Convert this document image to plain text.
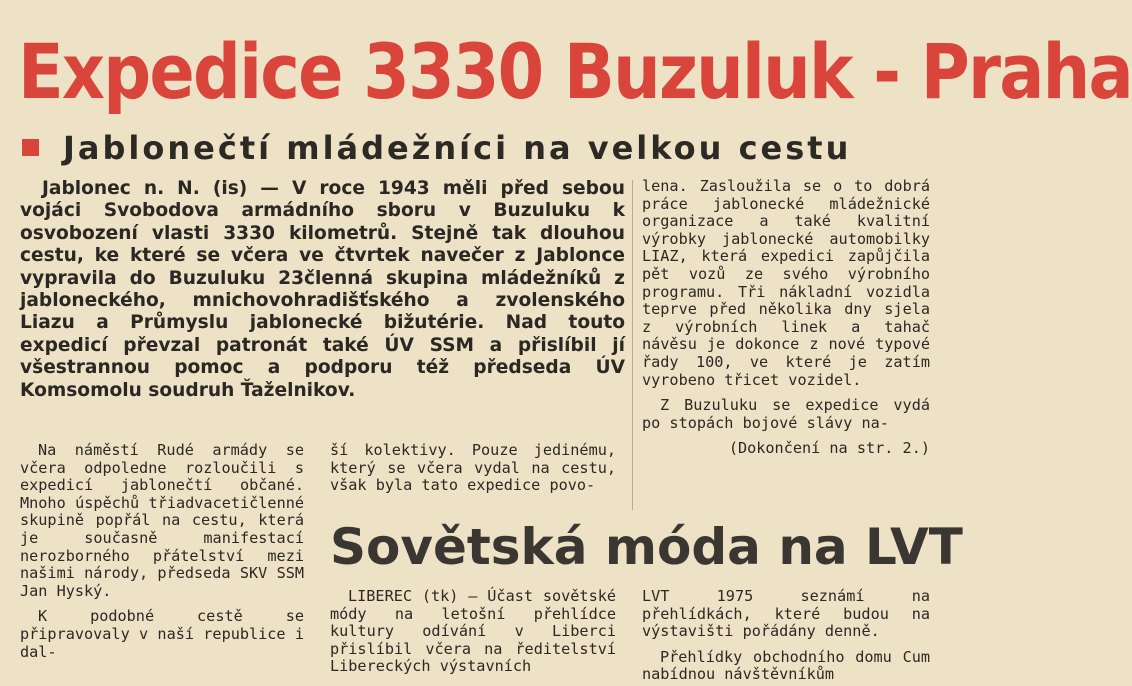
Expedice 3330 Buzuluk - Praha
Jablonečtí mládežníci na velkou cestu
Jablonec n. N. (is) — V roce 1943 měli před sebou vojáci Svobodova armádního sboru v Buzuluku k osvobození vlasti 3330 kilometrů. Stejně tak dlouhou cestu, ke které se včera ve čtvrtek navečer z Jablonce vypravila do Buzuluku 23členná skupina mládežníků z jabloneckého, mnichovohradišťského a zvolenského Liazu a Průmyslu jablonecké bižutérie. Nad touto expedicí převzal patronát také ÚV SSM a přislíbil jí všestrannou pomoc a podporu též předseda ÚV Komsomolu soudruh Ťaželnikov.

lena. Zasloužila se o to dobrá práce jablonecké mládežnické organizace a také kvalitní výrobky jablonecké automobilky LIAZ, která expedici zapůjčila pět vozů ze svého výrobního programu. Tři nákladní vozidla teprve před několika dny sjela z výrobních linek a tahač návěsu je dokonce z nové typové řady 100, ve které je zatím vyrobeno třicet vozidel.

Z Buzuluku se expedice vydá po stopách bojové slávy na-

(Dokončení na str. 2.)

Na náměstí Rudé armády se včera odpoledne rozloučili s expedicí jablonečtí občané. Mnoho úspěchů třiadvacetičlenné skupině popřál na cestu, která je současně manifestací nerozborného přátelství mezi našimi národy, předseda SKV SSM Jan Hyský.

K podobné cestě se připravovaly v naší republice i dal-

ší kolektivy. Pouze jedinému, který se včera vydal na cestu, však byla tato expedice povo-

Sovětská móda na LVT

LIBEREC (tk) — Účast sovětské módy na letošní přehlídce kultury odívání v Liberci přislíbil včera na ředitelství Libereckých výstavních

LVT 1975 seznámí na přehlídkách, které budou na výstavišti pořádány denně.

Přehlídky obchodního domu Cum nabídnou návštěvníkům
